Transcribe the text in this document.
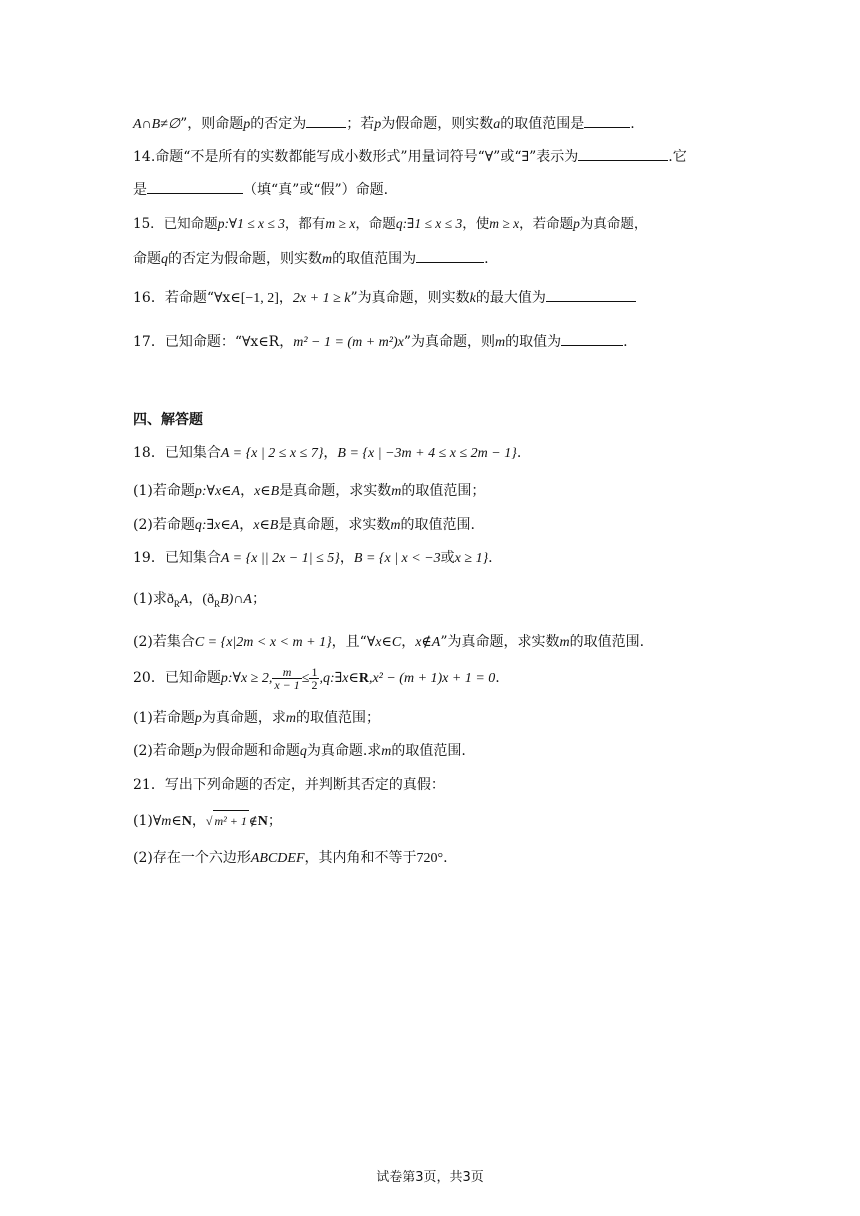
A∩B≠∅”，则命题p的否定为	；若p为假命题，则实数a的取值范围是	.
14.命题“不是所有的实数都能写成小数形式”用量词符号“∀”或“∃”表示为	.它
是	（填“真”或“假”）命题.
15．已知命题p:∀1 ≤ x ≤ 3，都有m ≥ x，命题q:∃1 ≤ x ≤ 3，使m ≥ x，若命题p为真命题，
命题q的否定为假命题，则实数m的取值范围为	.
16．若命题“∀x∈[−1, 2]，2x + 1 ≥ k”为真命题，则实数k的最大值为
17．已知命题：“∀x∈R，m² − 1 = (m + m²)x”为真命题，则m的取值为	.
四、解答题
18．已知集合A = {x | 2 ≤ x ≤ 7}，B = {x | −3m + 4 ≤ x ≤ 2m − 1}.
(1)若命题p:∀x∈A，x∈B是真命题，求实数m的取值范围；
(2)若命题q:∃x∈A，x∈B是真命题，求实数m的取值范围.
19．已知集合A = {x || 2x − 1| ≤ 5}，B = {x | x < −3或x ≥ 1}.
(1)求$ð_RA$，$(ð_RB)\cap A$；
(2)若集合C = {x|2m < x < m + 1}，且“∀x∈C，x∉A”为真命题，求实数m的取值范围.
20．已知命题p:∀x ≥ 2, $\frac{m}{x - 1} \le \frac{1}{2}$ ,q:∃x∈R,x² − (m + 1)x + 1 = 0.
(1)若命题p为真命题，求m的取值范围；
(2)若命题p为假命题和命题q为真命题.求m的取值范围.
21．写出下列命题的否定，并判断其否定的真假：
(1)∀m∈N，√ m² + 1 ∉N；
(2)存在一个六边形ABCDEF，其内角和不等于720°.
试卷第3页，共3页
